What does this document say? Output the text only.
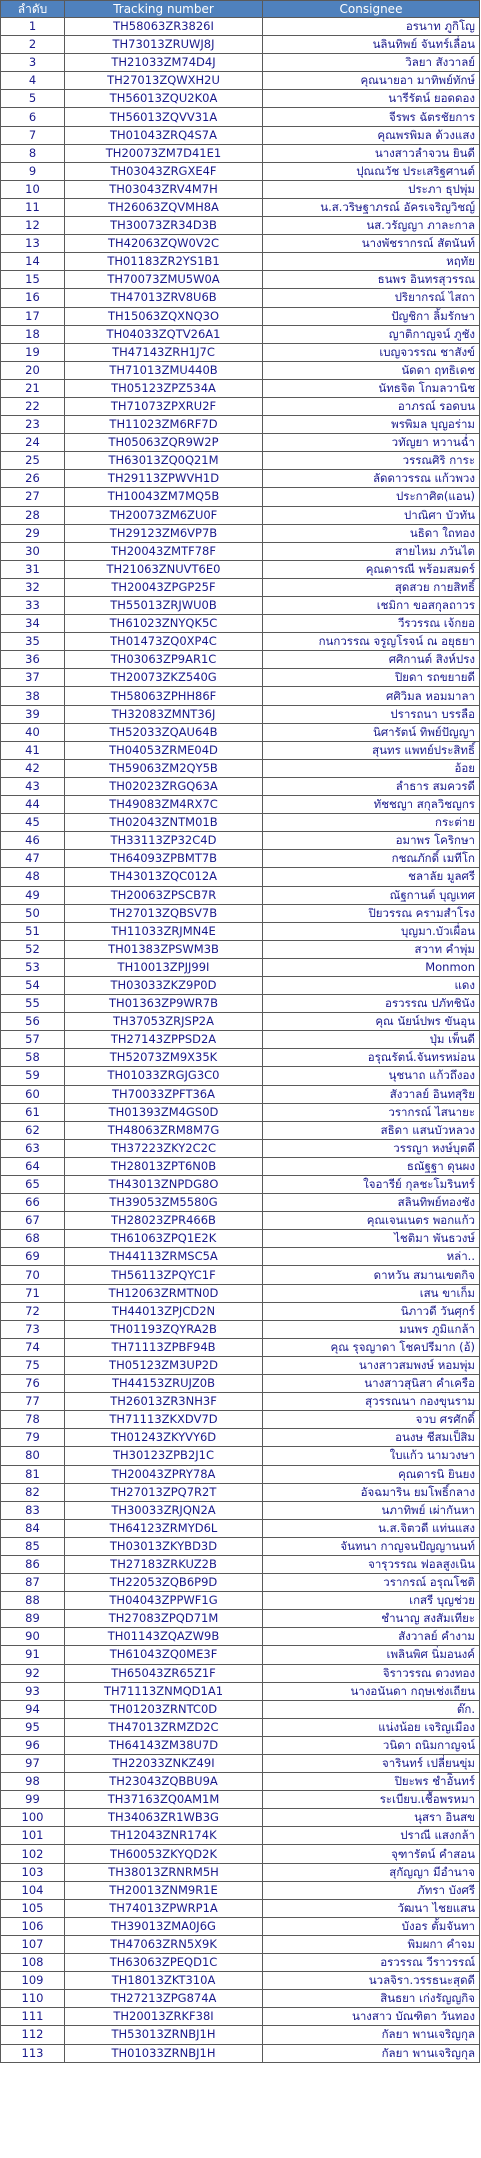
ลำดับ	Tracking number	Consignee
1	TH58063ZR3826I	อรนาท ภูกิโญ
2	TH73013ZRUWJ8J	นลินทิพย์ จันทร์เลื่อน
3	TH21033ZM74D4J	วิลยา สังวาลย์
4	TH27013ZQWXH2U	คุณนายอา มาทิพย์ทักษ์
5	TH56013ZQU2K0A	นารีรัตน์ ยอดดอง
6	TH56013ZQVV31A	จีรพร ฉัตรชัยการ
7	TH01043ZRQ4S7A	คุณพรพิมล ด้วงแสง
8	TH20073ZM7D41E1	นางสาวลำจวน ยินดี
9	TH03043ZRGXE4F	ปุณณวัช ประเสริฐศานต์
10	TH03043ZRV4M7H	ประภา ธุปพุ่ม
11	TH26063ZQVMH8A	น.ส.วริษฐาภรณ์ อัครเจริญวิชญ์
12	TH30073ZR34D3B	นส.วรัญญา ภาละกาล
13	TH42063ZQW0V2C	นางพัชรากรณ์ สัตนันท์
14	TH01183ZR2YS1B1	หฤทัย
15	TH70073ZMU5W0A	ธนพร อินทรสุวรรณ
16	TH47013ZRV8U6B	ปริยากรณ์ ไสถา
17	TH15063ZQXNQ3O	ปัญชิกา ลิ้มรักษา
18	TH04033ZQTV26A1	ญาติกาญจน์ ภูชัง
19	TH47143ZRH1J7C	เบญจวรรณ ชาสังข์
20	TH71013ZMU440B	นัดดา ฤทธิเดช
21	TH05123ZPZ534A	นัทธจิต โกมลวานิช
22	TH71073ZPXRU2F	อาภรณ์ รอดบน
23	TH11023ZM6RF7D	พรพิมล บุญอร่าม
24	TH05063ZQR9W2P	วทัญยา หวานฉ่ำ
25	TH63013ZQ0Q21M	วรรณศิริ การะ
26	TH29113ZPWVH1D	ลัดดาวรรณ แก้วพวง
27	TH10043ZM7MQ5B	ประกาศิต(แอน)
28	TH20073ZM6ZU0F	ปาณิศา บัวทัน
29	TH29123ZM6VP7B	นธิดา ใถทอง
30	TH20043ZMTF78F	สายไหม ภวันไต
31	TH21063ZNUVT6E0	คุณดารณี พร้อมสมดร์
32	TH20043ZPGP25F	สุดสวย กายสิทธิ์
33	TH55013ZRJWU0B	เชมิกา ขอสกุลถาวร
34	TH61023ZNYQK5C	วีรวรรณ เจ้กยอ
35	TH01473ZQ0XP4C	กนกวรรณ จรูญโรจน์ ณ อยุธยา
36	TH03063ZP9AR1C	ศศิกานต์ สิงห์ปรง
37	TH20073ZKZ540G	ปิยดา รถขยายดี
38	TH58063ZPHH86F	ศศิวิมล หอมมาลา
39	TH32083ZMNT36J	ปรารถนา บรรลือ
40	TH52033ZQAU64B	นิศารัตน์ ทิพย์ปัญญา
41	TH04053ZRME04D	สุนทร แพทย์ประสิทธิ์
42	TH59063ZM2QY5B	อ้อย
43	TH02023ZRGQ63A	ลำธาร สมควรดี
44	TH49083ZM4RX7C	ทัชชญา สกุลวิชญกร
45	TH02043ZNTM01B	กระต่าย
46	TH33113ZP32C4D	อมาพร โคริกษา
47	TH64093ZPBMT7B	กชณภักดิ์ เมทีโก
48	TH43013ZQC012A	ชลาลัย มูลศรี
49	TH20063ZPSCB7R	ณัฐกานต์ บุญเทศ
50	TH27013ZQBSV7B	ปิยวรรณ ครามสำโรง
51	TH11033ZRJMN4E	บุญมา.บัวเผื่อน
52	TH01383ZPSWM3B	สวาท คำพุ่ม
53	TH10013ZPJJ99I	Monmon
54	TH03033ZKZ9P0D	แดง
55	TH01363ZP9WR7B	อรวรรณ ปภัทชินัง
56	TH37053ZRJSP2A	คุณ นัยน์ปพร ขันอุน
57	TH27143ZPPSD2A	ปุ่ม เพ็นดี
58	TH52073ZM9X35K	อรุณรัตน์.จันทรหม่อน
59	TH01033ZRGJG3C0	นุชนาถ แก้วถึงอง
60	TH70033ZPFT36A	สังวาลย์ อินทสุริย
61	TH01393ZM4GS0D	วรากรณ์ ไสนายะ
62	TH48063ZRM8M7G	สธิดา แสนบัวหลวง
63	TH37223ZKY2C2C	วรรญา หงษ์บุตดี
64	TH28013ZPT6N0B	ธณัฐฐา ดุนผง
65	TH43013ZNPDG8O	ใจอารีย์ กุลชะโมรินทร์
66	TH39053ZM5580G	สลินทิพย์ทองชัง
67	TH28023ZPR466B	คุณเจนเนตร พอกแก้ว
68	TH61063ZPQ1E2K	ไชติมา พันธวงษ์
69	TH44113ZRMSC5A	หล่า..
70	TH56113ZPQYC1F	ดาหวัน สมานเขตกิจ
71	TH12063ZRMTN0D	เสน ขาเก็ม
72	TH44013ZPJCD2N	นิภาวดี วันศุกร์
73	TH01193ZQYRA2B	มนพร ภูมิแกล้า
74	TH71113ZPBF94B	คุณ รุจญาดา โชคปรีมาก (อ้)
75	TH05123ZM3UP2D	นางสาวสมพงษ์ หอมพุ่ม
76	TH44153ZRUJZ0B	นางสาวสุนิสา คำเครือ
77	TH26013ZR3NH3F	สุวรรณนา กองขุนราม
78	TH71113ZKXDV7D	จวบ ศรศักดิ์
79	TH01243ZKYVY6D	อนงษ ชีสมเป็สิม
80	TH30123ZPB2J1C	ใบแก้ว นามวงษา
81	TH20043ZPRY78A	คุณดารนิ ยินยง
82	TH27013ZPQ7R2T	อัจฉมาริน ยมโพธิ์กลาง
83	TH30033ZRJQN2A	นภาทิพย์ เผ่ากันหา
84	TH64123ZRMYD6L	น.ส.จิตวดี แท่นแสง
85	TH03013ZKYBD3D	จันทนา กาญจนปัญญานนท์
86	TH27183ZRKUZ2B	จารุวรรณ ฟอลสูงเนิน
87	TH22053ZQB6P9D	วรากรณ์ อรุณโชติ
88	TH04043ZPPWF1G	เกสรี บุญช่วย
89	TH27083ZPQD71M	ชำนาญ สงสัมเทียะ
90	TH01143ZQAZW9B	สังวาลย์ คำงาม
91	TH61043ZQ0ME3F	เพลินพิศ นิ่มอนงค์
92	TH65043ZR65Z1F	จิราวรรณ ดวงทอง
93	TH71113ZNMQD1A1	นางอนันดา กฤษเช่งเถียน
94	TH01203ZRNTC0D	ต๊ก.
95	TH47013ZRMZD2C	แน่งน้อย เจริญเมือง
96	TH64143ZM38U7D	วนิดา ถนิมกาญจน์
97	TH22033ZNKZ49I	จารินทร์ เปลี่ยนขุ่ม
98	TH23043ZQBBU9A	ปิยะพร ชำอัินทร์
99	TH37163ZQ0AM1M	ระเบียบ.เชื้อพรหมา
100	TH34063ZR1WB3G	นุสรา อินสข
101	TH12043ZNR174K	ปราณี แสงกล้า
102	TH60053ZKYQD2K	จุฑารัตน์ คำสอน
103	TH38013ZRNRM5H	สุกัญญา มีอำนาจ
104	TH20013ZNM9R1E	ภัทรา บังศรี
105	TH74013ZPWRP1A	วัฒนา ไชยแสน
106	TH39013ZMA0J6G	บังอร ตั้มจันทา
107	TH47063ZRN5X9K	พิมผกา คำจม
108	TH63063ZPEQD1C	อรวรรณ วีราวรรณ์
109	TH18013ZKT310A	นวลจิรา.วรรธนะสุดดี
110	TH27213ZPG874A	สินธยา เก่งรัญญกิจ
111	TH20013ZRKF38I	นางสาว บัณฑิตา วันทอง
112	TH53013ZRNBJ1H	กัลยา พานเจริญกุล
113	TH01033ZRNBJ1H	กัลยา พานเจริญกุล
